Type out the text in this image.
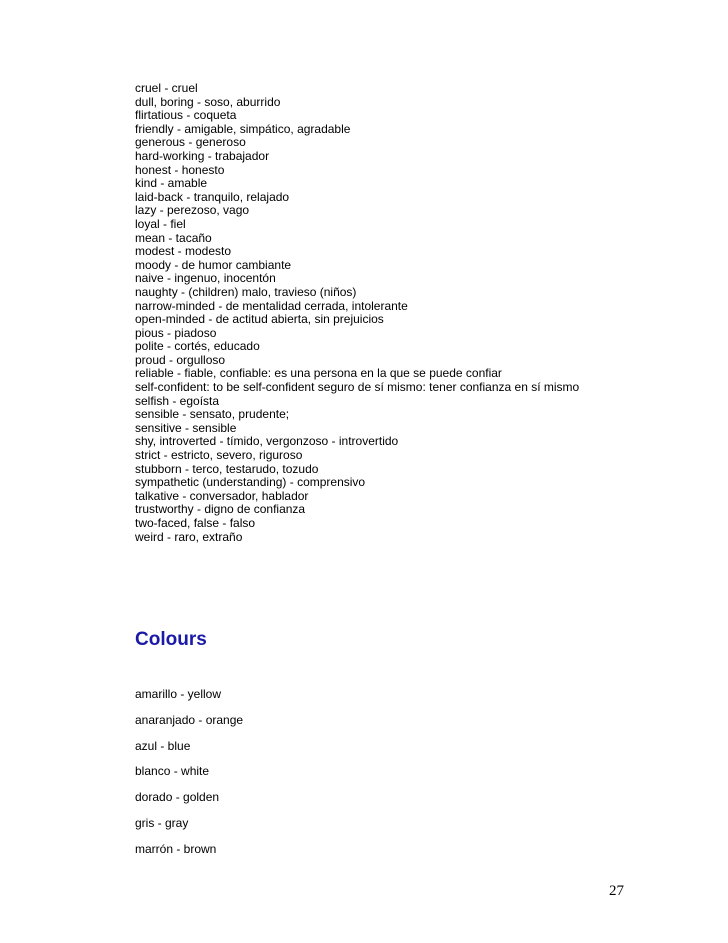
cruel - cruel
dull, boring - soso, aburrido
flirtatious - coqueta
friendly - amigable, simpático, agradable
generous - generoso
hard-working - trabajador
honest - honesto
kind - amable
laid-back - tranquilo, relajado
lazy - perezoso, vago
loyal - fiel
mean - tacaño
modest - modesto
moody - de humor cambiante
naive - ingenuo, inocentón
naughty - (children) malo, travieso (niños)
narrow-minded - de mentalidad cerrada, intolerante
open-minded - de actitud abierta, sin prejuicios
pious - piadoso
polite - cortés, educado
proud - orgulloso
reliable - fiable, confiable: es una persona en la que se puede confiar
self-confident: to be self-confident seguro de sí mismo: tener confianza en sí mismo
selfish - egoísta
sensible - sensato, prudente;
sensitive - sensible
shy, introverted - tímido, vergonzoso - introvertido
strict - estricto, severo, riguroso
stubborn - terco, testarudo, tozudo
sympathetic (understanding) - comprensivo
talkative - conversador, hablador
trustworthy - digno de confianza
two-faced, false - falso
weird - raro, extraño
Colours
amarillo - yellow
anaranjado - orange
azul - blue
blanco - white
dorado - golden
gris - gray
marrón - brown
27
